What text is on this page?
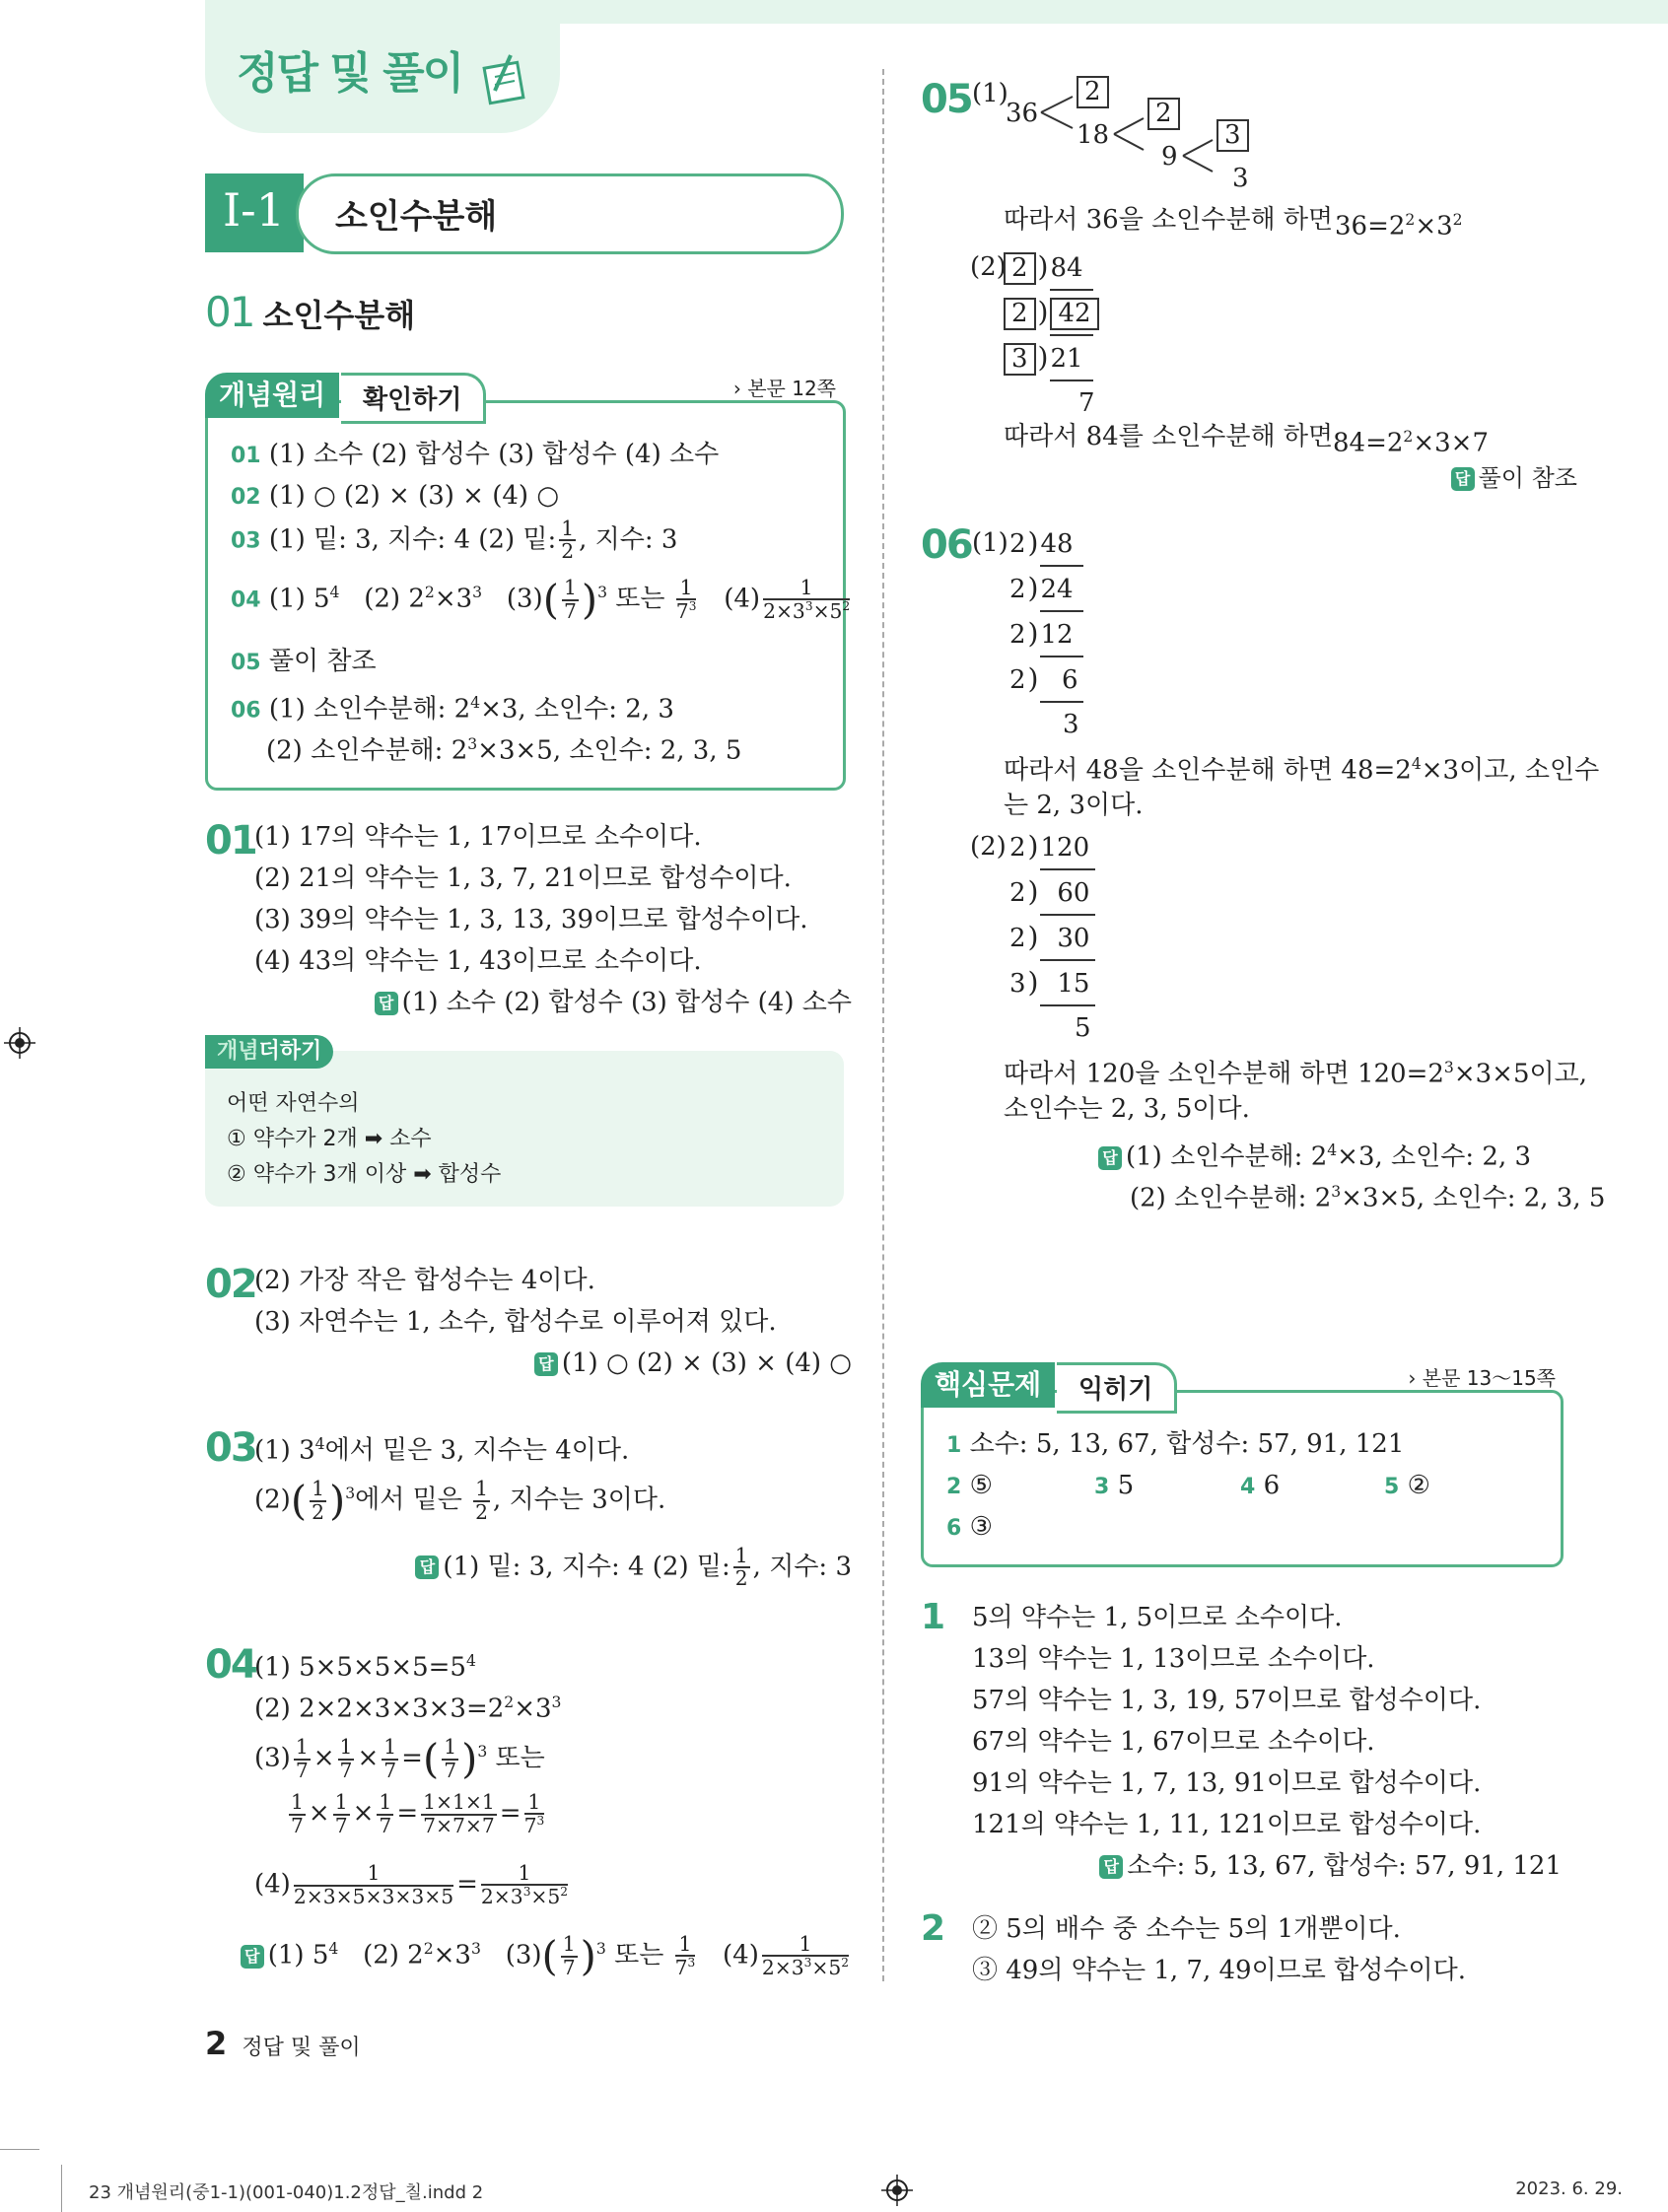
정답 및 풀이
Ⅰ-1 소인수분해
01 소인수분해
개념원리	확인하기	› 본문 12쪽
01 (1) 소수 (2) 합성수 (3) 합성수 (4) 소수
02 (1) ○ (2) × (3) × (4) ○
03 (1) 밑: 3, 지수: 4 (2) 밑: $\frac{1}{2}$ , 지수: 3
04 (1) $5^4$ (2) $2^2\times 3^3$ $(3)( \frac{1}{7} )^3$ 또는 $\frac{1}{7^3} (4) \frac{1}{2\times 3^3\times 5^2}$
05 풀이 참조
06 (1) 소인수분해: $2^4\times 3$, 소인수: 2, 3
(2) 소인수분해: $2^3\times 3\times 5$, 소인수: 2, 3, 5
01
(1) 17의 약수는 1, 17이므로 소수이다.
(2) 21의 약수는 1, 3, 7, 21이므로 합성수이다.
(3) 39의 약수는 1, 3, 13, 39이므로 합성수이다.
(4) 43의 약수는 1, 43이므로 소수이다.
답 (1) 소수 (2) 합성수 (3) 합성수 (4) 소수
개념더하기
어떤 자연수의
① 약수가 2개 ➡ 소수
② 약수가 3개 이상 ➡ 합성수
02
(2) 가장 작은 합성수는 4이다.
(3) 자연수는 1, 소수, 합성수로 이루어져 있다.
답 (1) ○ (2) × (3) × (4) ○
03
(1) $3^4$에서 밑은 3, 지수는 4이다.
$(2)( \frac{1}{2} )^3$에서 밑은 $\frac{1}{2}$ , 지수는 3이다.
답 (1) 밑: 3, 지수: 4 (2) 밑: $\frac{1}{2}$ , 지수: 3
04
(1) $5\times 5\times 5\times 5=5^4$
(2) $2\times 2\times 3\times 3\times 3=2^2\times 3^3$
$(3) \frac{1}{7} \times \frac{1}{7} \times \frac{1}{7}$ =( $\frac{1}{7} )^3$ 또는
$\frac{1}{7} \times \frac{1}{7} \times \frac{1}{7} = \frac{1\times 1\times 1}{7\times 7\times 7} = \frac{1}{7^3}$
$(4) \frac{1}{2\times 3\times 5\times 3\times 3\times 5} = \frac{1}{2\times 3^3\times 5^2}$
답 (1) $5^4$ (2) $2^2\times 3^3$ $(3)( \frac{1}{7} )^3$ 또는 $\frac{1}{7^3} (4) \frac{1}{2\times 3^3\times 5^2}$
05 (1)
36
2
18
2
9
3
3
따라서 36을 소인수분해 하면 $36=2^2\times 3^2$
(2) 2 )84
2 ) 42
3 )21
7
따라서 84를 소인수분해 하면 $84=2^2\times 3\times 7$
답 풀이 참조
06 (1) 2)48
2)24
2)12
2) 6
3
따라서 48을 소인수분해 하면 $48=2^4\times 3$이고, 소인수
는 2, 3이다.
(2) 2)120
2) 60
2) 30
3) 15
5
따라서 120을 소인수분해 하면 $120=2^3\times 3\times 5$이고,
소인수는 2, 3, 5이다.
답 (1) 소인수분해: $2^4\times 3$, 소인수: 2, 3
(2) 소인수분해: $2^3\times 3\times 5$, 소인수: 2, 3, 5
핵심문제	익히기	› 본문 13～15쪽
1 소수: 5, 13, 67, 합성수: 57, 91, 121
2 ⑤	3 5	4 6	5 ②
6 ③
1 5의 약수는 1, 5이므로 소수이다.
13의 약수는 1, 13이므로 소수이다.
57의 약수는 1, 3, 19, 57이므로 합성수이다.
67의 약수는 1, 67이므로 소수이다.
91의 약수는 1, 7, 13, 91이므로 합성수이다.
121의 약수는 1, 11, 121이므로 합성수이다.
답 소수: 5, 13, 67, 합성수: 57, 91, 121
2 ② 5의 배수 중 소수는 5의 1개뿐이다.
③ 49의 약수는 1, 7, 49이므로 합성수이다.
2 정답 및 풀이
23 개념원리(중1-1)(001-040)1.2정답_칠.indd 2	2023. 6. 29.
